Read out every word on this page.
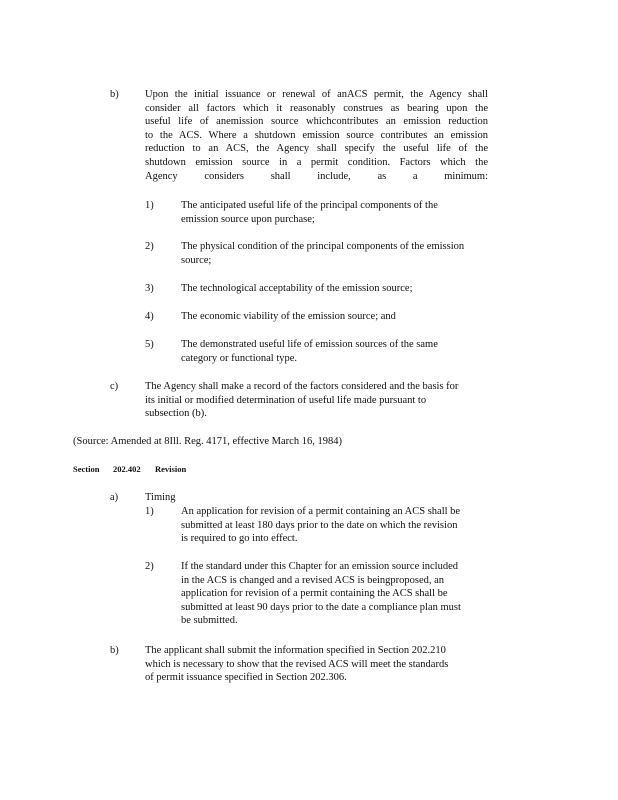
b)	Upon the initial issuance or renewal of anACS permit, the Agency shall
consider all factors which it reasonably construes as bearing upon the
useful life of anemission source whichcontributes an emission reduction
to the ACS. Where a shutdown emission source contributes an emission
reduction to an ACS, the Agency shall specify the useful life of the
shutdown emission source in a permit condition. Factors which the
Agency considers shall include, as a minimum:
1)	The anticipated useful life of the principal components of the
emission source upon purchase;
2)	The physical condition of the principal components of the emission
source;
3)	The technological acceptability of the emission source;
4)	The economic viability of the emission source; and
5)	The demonstrated useful life of emission sources of the same
category or functional type.
c)	The Agency shall make a record of the factors considered and the basis for
its initial or modified determination of useful life made pursuant to
subsection (b).
(Source: Amended at 8Ill. Reg. 4171, effective March 16, 1984)
Section 202.402 Revision
a)	Timing
1)	An application for revision of a permit containing an ACS shall be
submitted at least 180 days prior to the date on which the revision
is required to go into effect.
2)	If the standard under this Chapter for an emission source included
in the ACS is changed and a revised ACS is beingproposed, an
application for revision of a permit containing the ACS shall be
submitted at least 90 days prior to the date a compliance plan must
be submitted.
b)	The applicant shall submit the information specified in Section 202.210
which is necessary to show that the revised ACS will meet the standards
of permit issuance specified in Section 202.306.
